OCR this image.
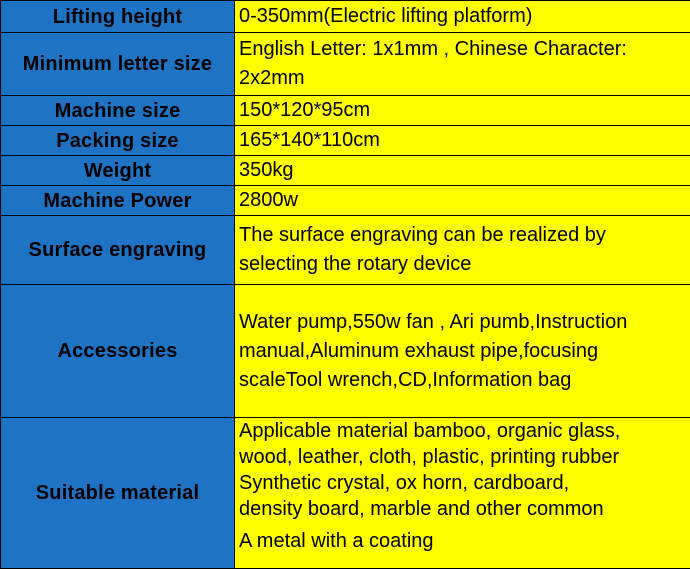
Lifting height	0-350mm(Electric lifting platform)

Minimum letter size	English Letter: 1x1mm , Chinese Character:
2x2mm

Machine size	150*120*95cm

Packing size	165*140*110cm

Weight	350kg

Machine Power	2800w

Surface engraving	The surface engraving can be realized by
selecting the rotary device

Accessories	Water pump,550w fan , Ari pumb,Instruction
manual,Aluminum exhaust pipe,focusing
scaleTool wrench,CD,Information bag

Suitable material	Applicable material bamboo, organic glass,
wood, leather, cloth, plastic, printing rubber
Synthetic crystal, ox horn, cardboard,
density board, marble and other common
A metal with a coating
